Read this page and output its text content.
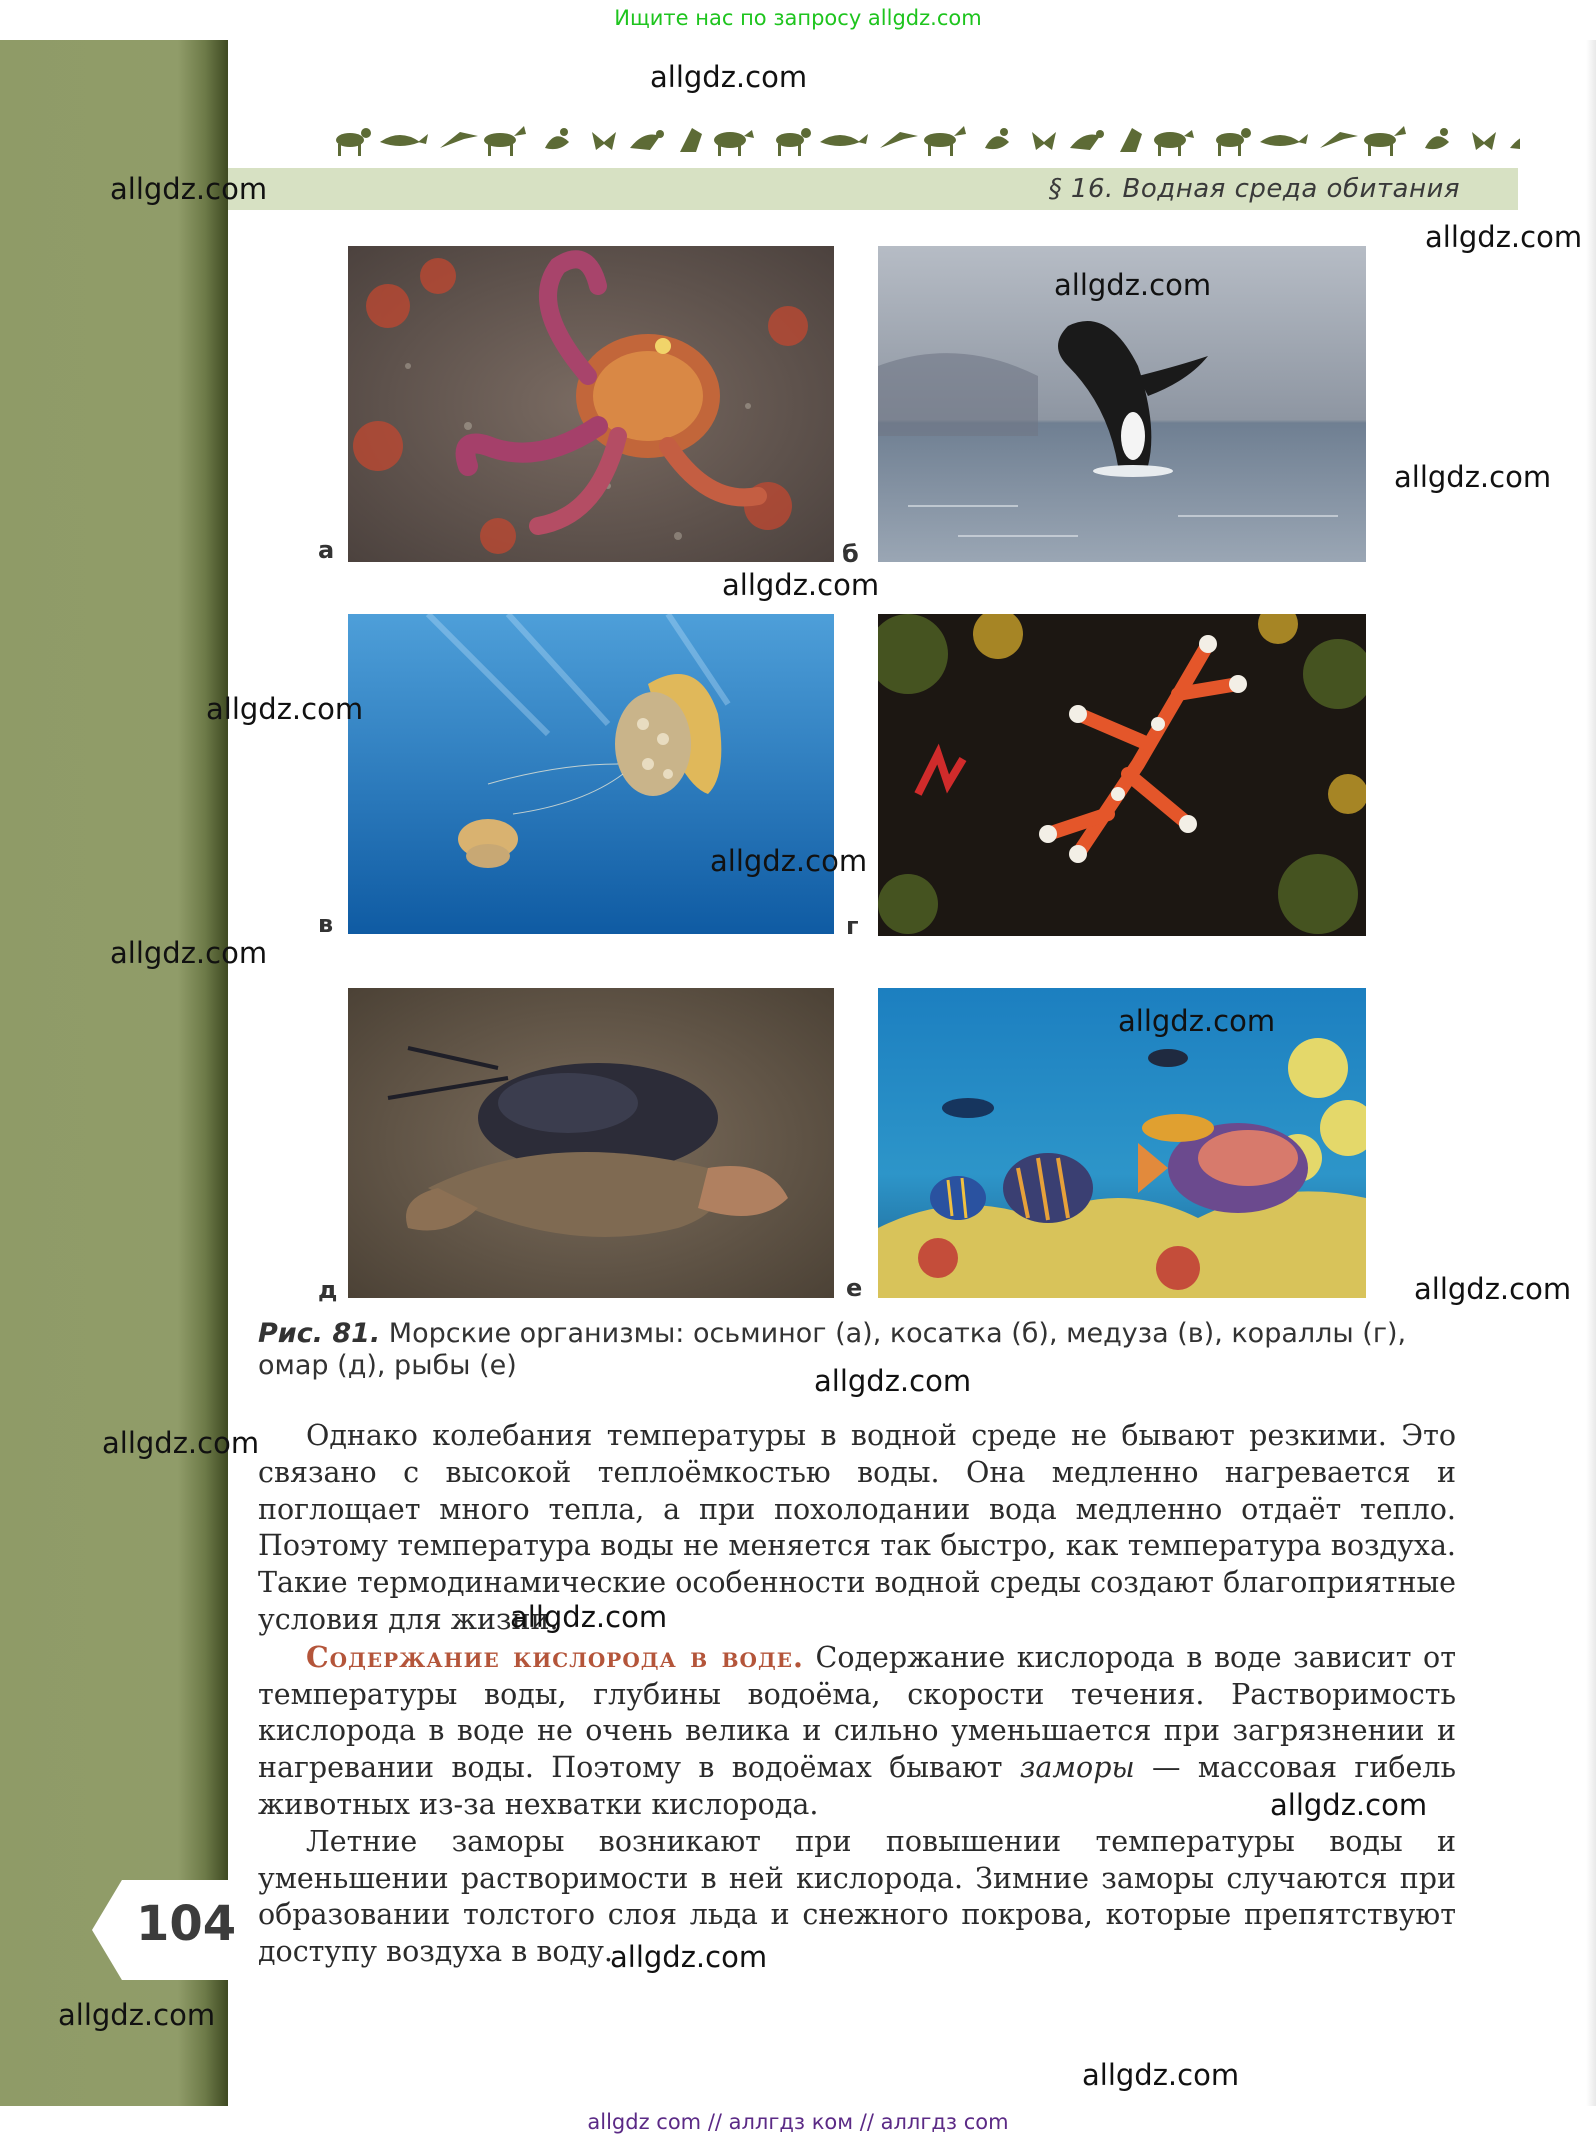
Ищите нас по запросу allgdz.com
104
§ 16. Водная среда обитания
а	б
в	г
д	е
Рис. 81. Морские организмы: осьминог (а), косатка (б), медуза (в), кораллы (г), омар (д), рыбы (е)

Однако колебания температуры в водной среде не бывают резкими. Это связано с высокой теплоёмкостью воды. Она медленно нагревается и поглощает много тепла, а при похолодании вода медленно отдаёт тепло. Поэтому температура воды не меняется так быстро, как температура воздуха. Такие термодинамические особенности водной среды создают благоприятные условия для жизни.

Содержание кислорода в воде. Содержание кислорода в воде зависит от температуры воды, глубины водоёма, скорости течения. Растворимость кислорода в воде не очень велика и сильно уменьшается при загрязнении и нагревании воды. Поэтому в водоёмах бывают заморы — массовая гибель животных из-за нехватки кислорода.

Летние заморы возникают при повышении температуры воды и уменьшении растворимости в ней кислорода. Зимние заморы случаются при образовании толстого слоя льда и снежного покрова, которые препятствуют доступу воздуха в воду.

allgdz.com
allgdz.com
allgdz.com
allgdz.com
allgdz.com
allgdz.com
allgdz.com
allgdz.com
allgdz.com
allgdz.com
allgdz.com
allgdz.com
allgdz.com
allgdz.com
allgdz.com
allgdz.com
allgdz.com
allgdz.com
allgdz com // аллгдз ком // аллгдз com
